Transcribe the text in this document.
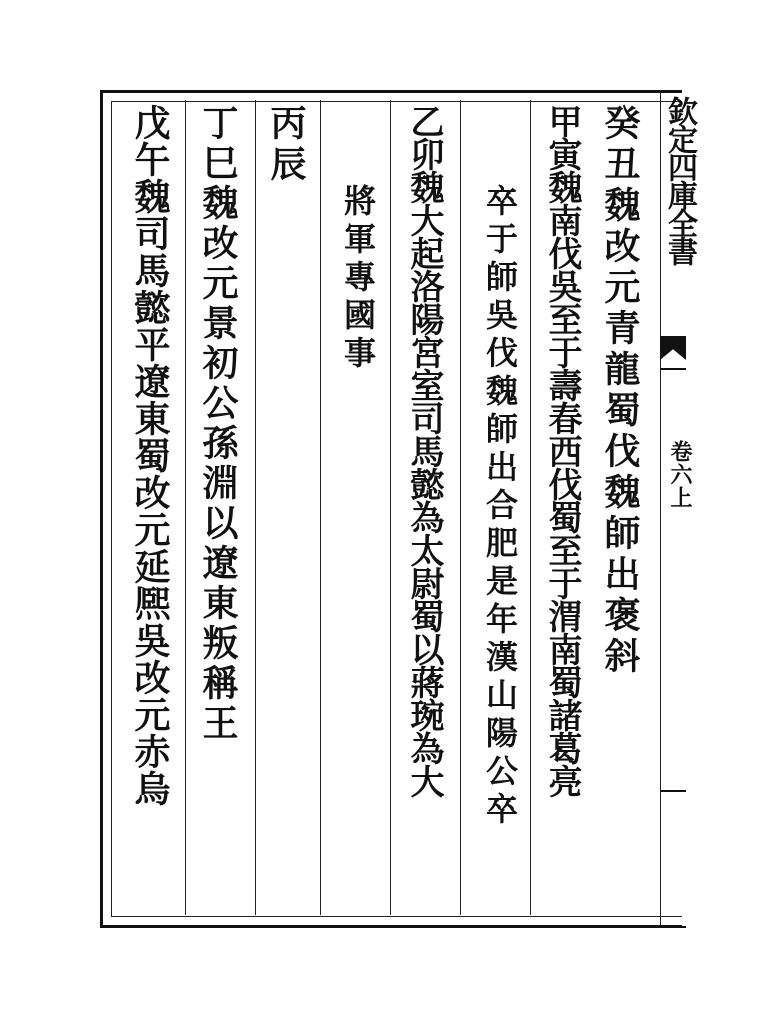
癸丑魏改元青龍蜀伐魏師出褒斜
甲寅魏南伐吳至于壽春西伐蜀至于渭南蜀諸葛亮
卒于師吳伐魏師出合肥是年漢山陽公卒
乙卯魏大起洛陽宮室司馬懿為太尉蜀以蔣琬為大
將軍專國事
丙辰
丁巳魏改元景初公孫淵以遼東叛稱王
戊午魏司馬懿平遼東蜀改元延熈吳改元赤烏	欽定四庫全書
卷六上
